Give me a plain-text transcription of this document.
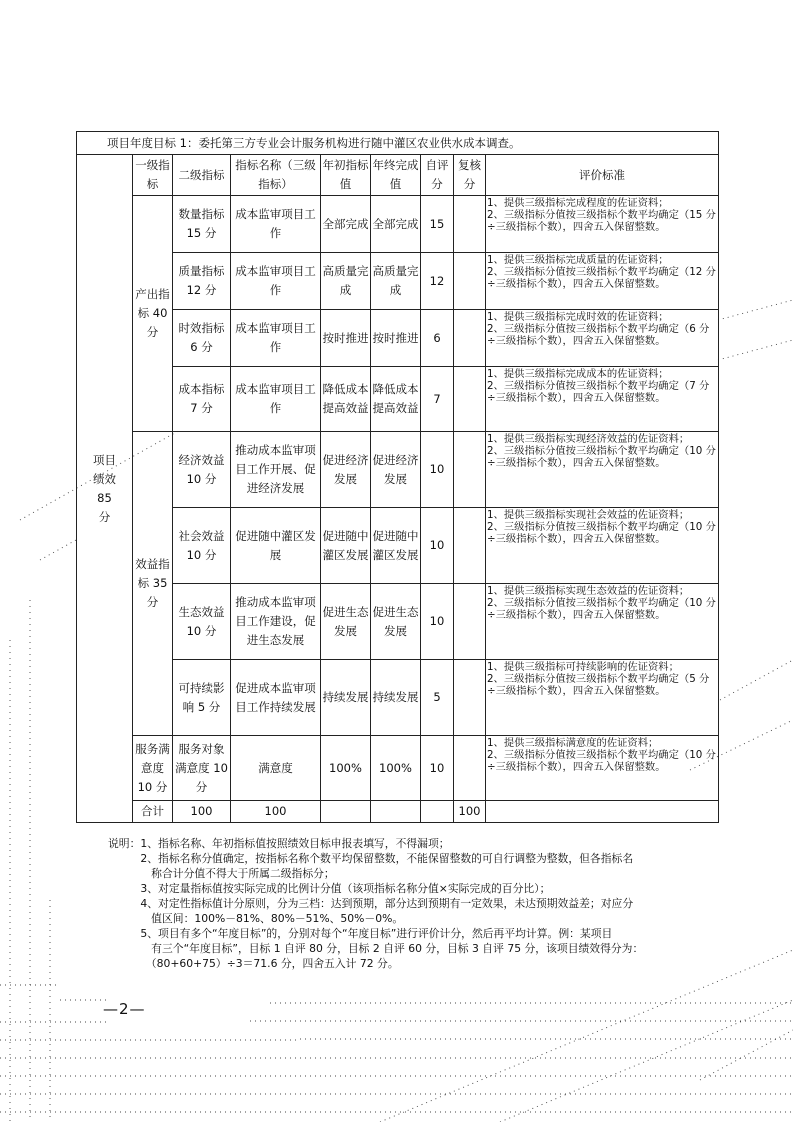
项目年度目标 1：委托第三方专业会计服务机构进行随中灌区农业供水成本调查。									
项目绩效 85 分	一级指标	二级指标	指标名称（三级指标）	年初指标值	年终完成值	自评分	复核分	评价标准	
	产出指标 40 分	数量指标 15 分	成本监审项目工作	全部完成	全部完成	15		1、提供三级指标完成程度的佐证资料；
2、三级指标分值按三级指标个数平均确定（15 分÷三级指标个数），四舍五入保留整数。	

		质量指标 12 分	成本监审项目工作	高质量完成	高质量完成	12		1、提供三级指标完成质量的佐证资料；
2、三级指标分值按三级指标个数平均确定（12 分÷三级指标个数），四舍五入保留整数。	

		时效指标 6 分	成本监审项目工作	按时推进	按时推进	6		1、提供三级指标完成时效的佐证资料；
2、三级指标分值按三级指标个数平均确定（6 分÷三级指标个数），四舍五入保留整数。	

		成本指标 7 分	成本监审项目工作	降低成本提高效益	降低成本提高效益	7		1、提供三级指标完成成本的佐证资料；
2、三级指标分值按三级指标个数平均确定（7 分÷三级指标个数），四舍五入保留整数。	

	效益指标 35 分	经济效益 10 分	推动成本监审项目工作开展、促进经济发展	促进经济发展	促进经济发展	10		1、提供三级指标实现经济效益的佐证资料；
2、三级指标分值按三级指标个数平均确定（10 分÷三级指标个数），四舍五入保留整数。	

		社会效益 10 分	促进随中灌区发展	促进随中灌区发展	促进随中灌区发展	10		1、提供三级指标实现社会效益的佐证资料；
2、三级指标分值按三级指标个数平均确定（10 分÷三级指标个数），四舍五入保留整数。	

		生态效益 10 分	推动成本监审项目工作建设，促进生态发展	促进生态发展	促进生态发展	10		1、提供三级指标实现生态效益的佐证资料；
2、三级指标分值按三级指标个数平均确定（10 分÷三级指标个数），四舍五入保留整数。	

		可持续影响 5 分	促进成本监审项目工作持续发展	持续发展	持续发展	5		1、提供三级指标可持续影响的佐证资料；
2、三级指标分值按三级指标个数平均确定（5 分÷三级指标个数），四舍五入保留整数。	

	服务满意度 10 分	服务对象满意度 10 分	满意度	100%	100%	10		1、提供三级指标满意度的佐证资料；
2、三级指标分值按三级指标个数平均确定（10 分÷三级指标个数），四舍五入保留整数。	

	合计	100	100				100		
说明：1、指标名称、年初指标值按照绩效目标申报表填写，不得漏项；
　　　2、指标名称分值确定，按指标名称个数平均保留整数，不能保留整数的可自行调整为整数，但各指标名
　　　　称合计分值不得大于所属二级指标分；
　　　3、对定量指标值按实际完成的比例计分值（该项指标名称分值×实际完成的百分比）；
　　　4、对定性指标值计分原则，分为三档：达到预期，部分达到预期有一定效果，未达预期效益差；对应分
　　　　值区间：100%－81%、80%－51%、50%－0%。
　　　5、项目有多个“年度目标”的，分别对每个“年度目标”进行评价计分，然后再平均计算。例：某项目
　　　　有三个“年度目标”，目标 1 自评 80 分，目标 2 自评 60 分，目标 3 自评 75 分，该项目绩效得分为：
　　　　（80+60+75）÷3＝71.6 分，四舍五入计 72 分。
—2—
